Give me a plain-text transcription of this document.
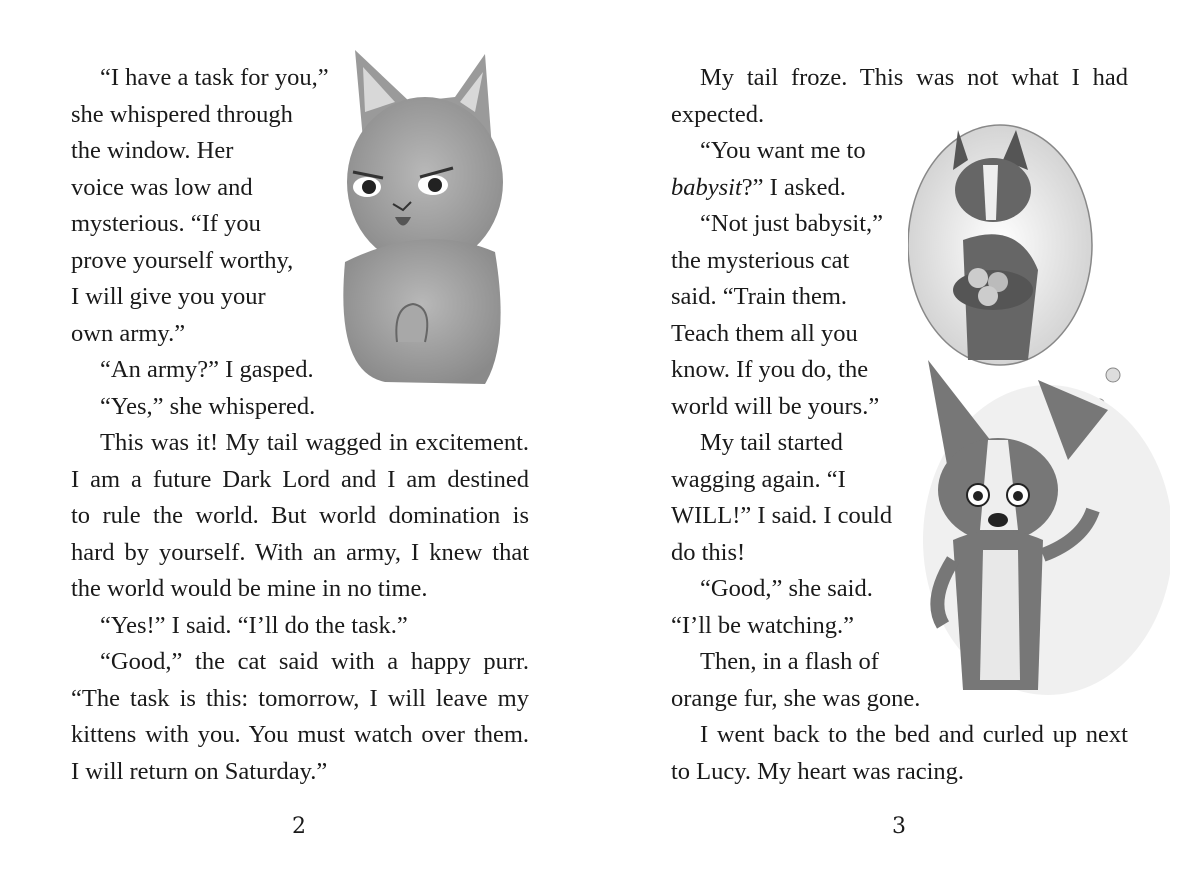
“I have a task for you,”
she whispered through
the window. Her
voice was low and
mysterious. “If you
prove yourself worthy,
I will give you your
own army.”
“An army?” I gasped.
“Yes,” she whispered.
This was it! My tail wagged in excitement.
I am a future Dark Lord and I am destined
to rule the world. But world domination is
hard by yourself. With an army, I knew that
the world would be mine in no time.
“Yes!” I said. “I’ll do the task.”
“Good,” the cat said with a happy purr.
“The task is this: tomorrow, I will leave my
kittens with you. You must watch over them.
I will return on Saturday.”
My tail froze. This was not what I had
expected.
“You want me to
babysit?” I asked.
“Not just babysit,”
the mysterious cat
said. “Train them.
Teach them all you
know. If you do, the
world will be yours.”
My tail started
wagging again. “I
WILL!” I said. I could
do this!
“Good,” she said.
“I’ll be watching.”
Then, in a flash of
orange fur, she was gone.
I went back to the bed and curled up next
to Lucy. My heart was racing.
2	3
